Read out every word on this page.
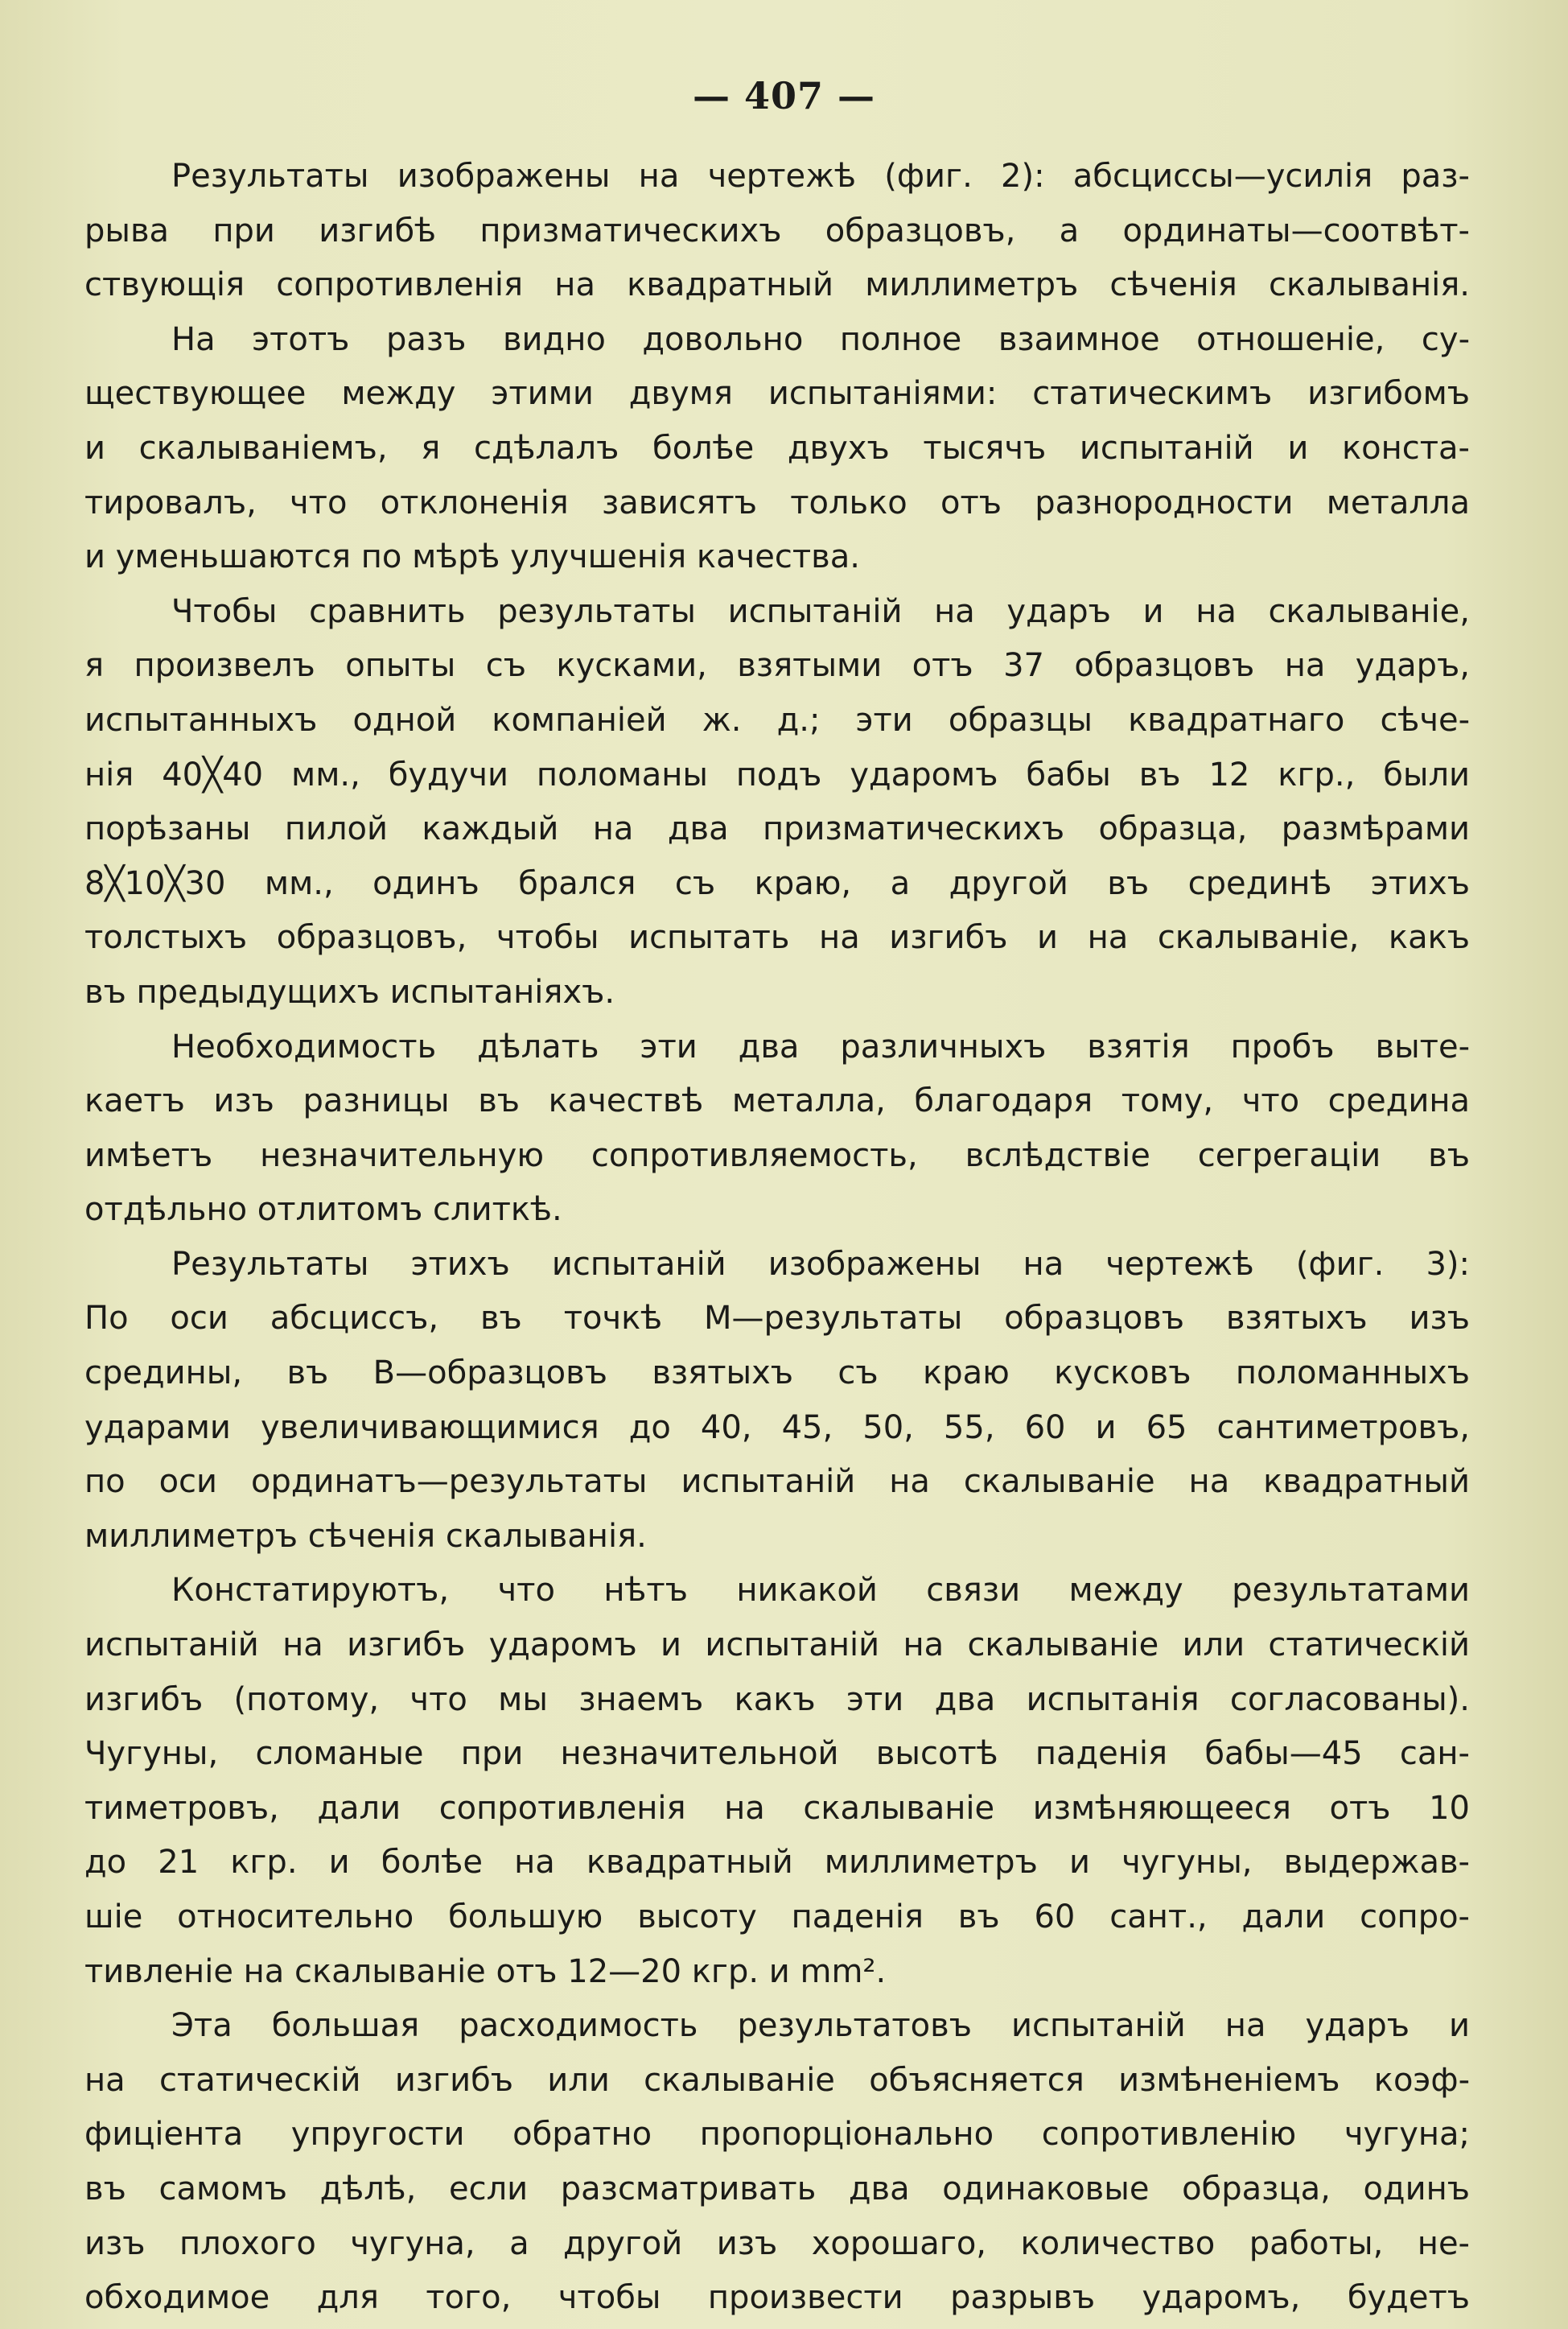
— 407 —
Результаты изображены на чертежѣ (фиг. 2): абсциссы—усилія раз-
рыва при изгибѣ призматическихъ образцовъ, а ординаты—соотвѣт-
ствующія сопротивленія на квадратный миллиметръ сѣченія скалыванія.
На этотъ разъ видно довольно полное взаимное отношеніе, су-
ществующее между этими двумя испытаніями: статическимъ изгибомъ
и скалываніемъ, я сдѣлалъ болѣе двухъ тысячъ испытаній и конста-
тировалъ, что отклоненія зависятъ только отъ разнородности металла
и уменьшаются по мѣрѣ улучшенія качества.
Чтобы сравнить результаты испытаній на ударъ и на скалываніе,
я произвелъ опыты съ кусками, взятыми отъ 37 образцовъ на ударъ,
испытанныхъ одной компаніей ж. д.; эти образцы квадратнаго сѣче-
нія 40╳40 мм., будучи поломаны подъ ударомъ бабы въ 12 кгр., были
порѣзаны пилой каждый на два призматическихъ образца, размѣрами
8╳10╳30 мм., одинъ брался съ краю, а другой въ срединѣ этихъ
толстыхъ образцовъ, чтобы испытать на изгибъ и на скалываніе, какъ
въ предыдущихъ испытаніяхъ.
Необходимость дѣлать эти два различныхъ взятія пробъ выте-
каетъ изъ разницы въ качествѣ металла, благодаря тому, что средина
имѣетъ незначительную сопротивляемость, вслѣдствіе сегрегаціи въ
отдѣльно отлитомъ слиткѣ.
Результаты этихъ испытаній изображены на чертежѣ (фиг. 3):
По оси абсциссъ, въ точкѣ М—результаты образцовъ взятыхъ изъ
средины, въ В—образцовъ взятыхъ съ краю кусковъ поломанныхъ
ударами увеличивающимися до 40, 45, 50, 55, 60 и 65 сантиметровъ,
по оси ординатъ—результаты испытаній на скалываніе на квадратный
миллиметръ сѣченія скалыванія.
Констатируютъ, что нѣтъ никакой связи между результатами
испытаній на изгибъ ударомъ и испытаній на скалываніе или статическій
изгибъ (потому, что мы знаемъ какъ эти два испытанія согласованы).
Чугуны, сломаные при незначительной высотѣ паденія бабы—45 сан-
тиметровъ, дали сопротивленія на скалываніе измѣняющееся отъ 10
до 21 кгр. и болѣе на квадратный миллиметръ и чугуны, выдержав-
шіе относительно большую высоту паденія въ 60 сант., дали сопро-
тивленіе на скалываніе отъ 12—20 кгр. и mm².
Эта большая расходимость результатовъ испытаній на ударъ и
на статическій изгибъ или скалываніе объясняется измѣненіемъ коэф-
фиціента упругости обратно пропорціонально сопротивленію чугуна;
въ самомъ дѣлѣ, если разсматривать два одинаковые образца, одинъ
изъ плохого чугуна, а другой изъ хорошаго, количество работы, не-
обходимое для того, чтобы произвести разрывъ ударомъ, будетъ
